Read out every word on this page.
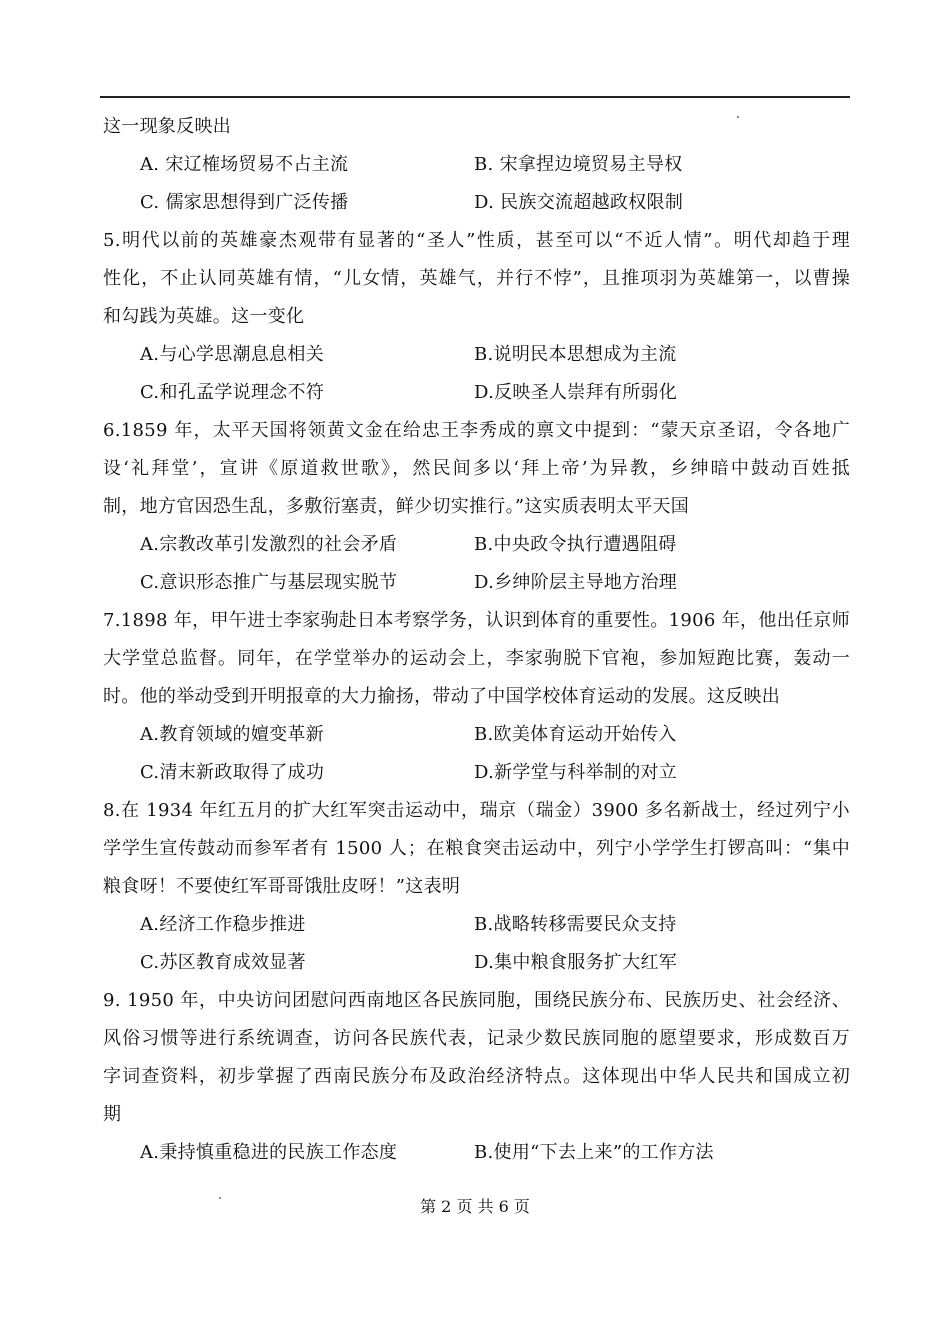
这一现象反映出
A. 宋辽榷场贸易不占主流	B. 宋拿捏边境贸易主导权
C. 儒家思想得到广泛传播	D. 民族交流超越政权限制
5.明代以前的英雄豪杰观带有显著的“圣人”性质，甚至可以“不近人情”。明代却趋于理
性化，不止认同英雄有情，“儿女情，英雄气，并行不悖”，且推项羽为英雄第一，以曹操
和勾践为英雄。这一变化
A.与心学思潮息息相关	B.说明民本思想成为主流
C.和孔孟学说理念不符	D.反映圣人崇拜有所弱化
6.1859 年，太平天国将领黄文金在给忠王李秀成的禀文中提到：“蒙天京圣诏，令各地广
设‘礼拜堂’，宣讲《原道救世歌》，然民间多以‘拜上帝’为异教，乡绅暗中鼓动百姓抵
制，地方官因恐生乱，多敷衍塞责，鲜少切实推行。”这实质表明太平天国
A.宗教改革引发激烈的社会矛盾	B.中央政令执行遭遇阻碍
C.意识形态推广与基层现实脱节	D.乡绅阶层主导地方治理
7.1898 年，甲午进士李家驹赴日本考察学务，认识到体育的重要性。1906 年，他出任京师
大学堂总监督。同年，在学堂举办的运动会上，李家驹脱下官袍，参加短跑比赛，轰动一
时。他的举动受到开明报章的大力揄扬，带动了中国学校体育运动的发展。这反映出
A.教育领域的嬗变革新	B.欧美体育运动开始传入
C.清末新政取得了成功	D.新学堂与科举制的对立
8.在 1934 年红五月的扩大红军突击运动中，瑞京（瑞金）3900 多名新战士，经过列宁小
学学生宣传鼓动而参军者有 1500 人；在粮食突击运动中，列宁小学学生打锣高叫：“集中
粮食呀！不要使红军哥哥饿肚皮呀！”这表明
A.经济工作稳步推进	B.战略转移需要民众支持
C.苏区教育成效显著	D.集中粮食服务扩大红军
9. 1950 年，中央访问团慰问西南地区各民族同胞，围绕民族分布、民族历史、社会经济、
风俗习惯等进行系统调查，访问各民族代表，记录少数民族同胞的愿望要求，形成数百万
字词查资料，初步掌握了西南民族分布及政治经济特点。这体现出中华人民共和国成立初
期
A.秉持慎重稳进的民族工作态度	B.使用“下去上来”的工作方法
第 2 页 共 6 页
